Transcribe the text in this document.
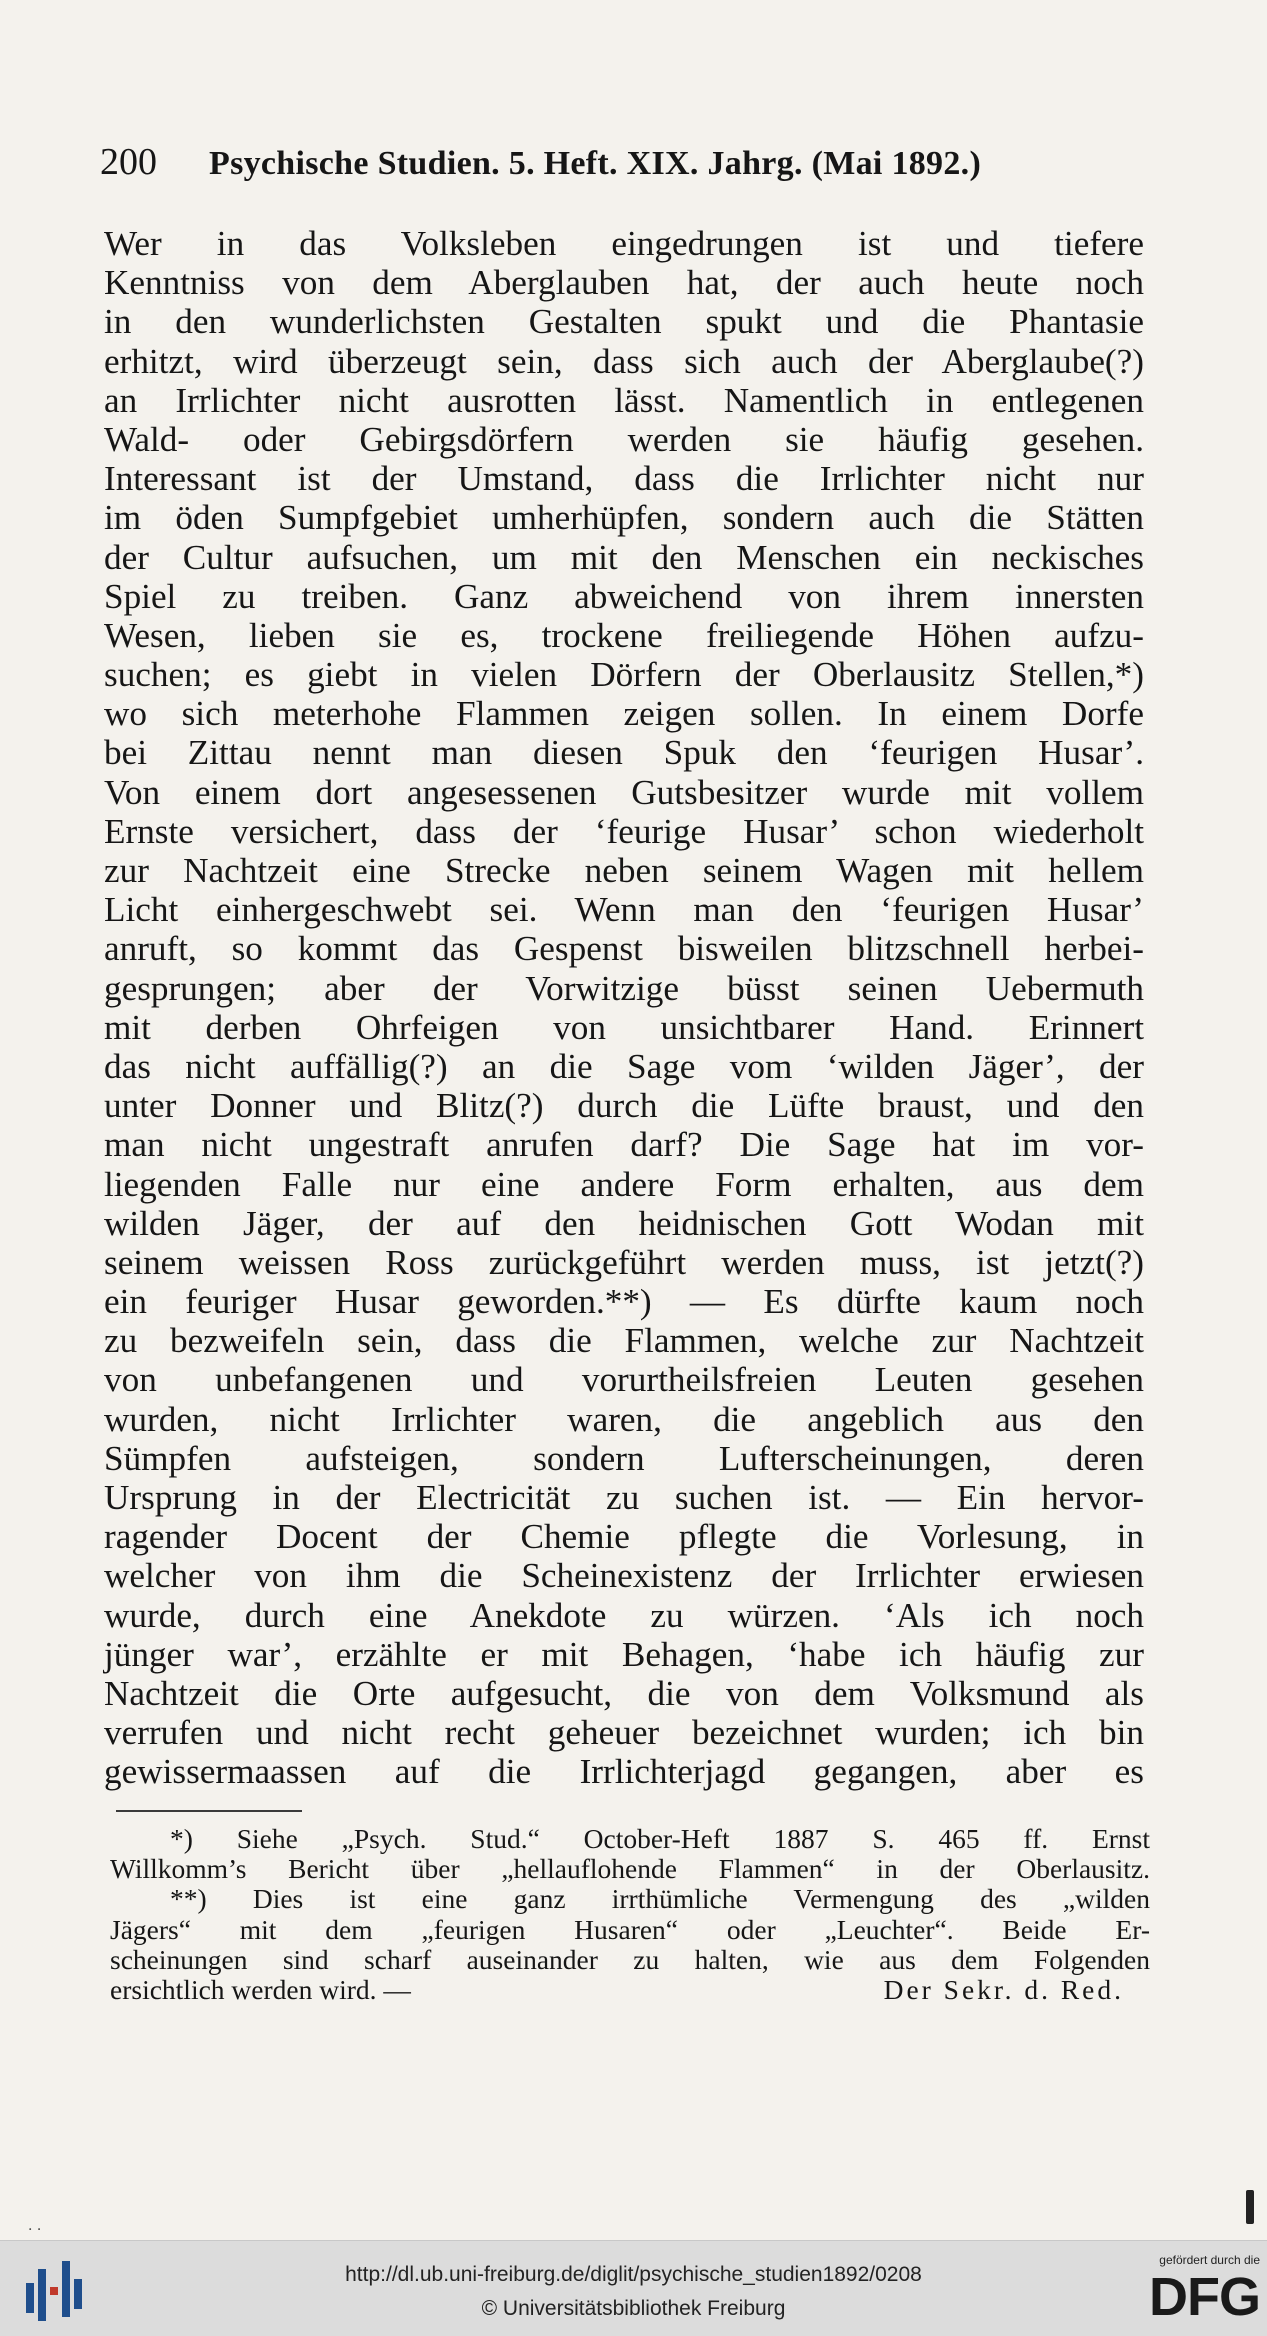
200 Psychische Studien. 5. Heft. XIX. Jahrg. (Mai 1892.)
Wer in das Volksleben eingedrungen ist und tiefere
Kenntniss von dem Aberglauben hat, der auch heute noch
in den wunderlichsten Gestalten spukt und die Phantasie
erhitzt, wird überzeugt sein, dass sich auch der Aberglaube(?)
an Irrlichter nicht ausrotten lässt. Namentlich in entlegenen
Wald- oder Gebirgsdörfern werden sie häufig gesehen.
Interessant ist der Umstand, dass die Irrlichter nicht nur
im öden Sumpfgebiet umherhüpfen, sondern auch die Stätten
der Cultur aufsuchen, um mit den Menschen ein neckisches
Spiel zu treiben. Ganz abweichend von ihrem innersten
Wesen, lieben sie es, trockene freiliegende Höhen aufzu-
suchen; es giebt in vielen Dörfern der Oberlausitz Stellen,*)
wo sich meterhohe Flammen zeigen sollen. In einem Dorfe
bei Zittau nennt man diesen Spuk den ‘feurigen Husar’.
Von einem dort angesessenen Gutsbesitzer wurde mit vollem
Ernste versichert, dass der ‘feurige Husar’ schon wiederholt
zur Nachtzeit eine Strecke neben seinem Wagen mit hellem
Licht einhergeschwebt sei. Wenn man den ‘feurigen Husar’
anruft, so kommt das Gespenst bisweilen blitzschnell herbei-
gesprungen; aber der Vorwitzige büsst seinen Uebermuth
mit derben Ohrfeigen von unsichtbarer Hand. Erinnert
das nicht auffällig(?) an die Sage vom ‘wilden Jäger’, der
unter Donner und Blitz(?) durch die Lüfte braust, und den
man nicht ungestraft anrufen darf? Die Sage hat im vor-
liegenden Falle nur eine andere Form erhalten, aus dem
wilden Jäger, der auf den heidnischen Gott Wodan mit
seinem weissen Ross zurückgeführt werden muss, ist jetzt(?)
ein feuriger Husar geworden.**) — Es dürfte kaum noch
zu bezweifeln sein, dass die Flammen, welche zur Nachtzeit
von unbefangenen und vorurtheilsfreien Leuten gesehen
wurden, nicht Irrlichter waren, die angeblich aus den
Sümpfen aufsteigen, sondern Lufterscheinungen, deren
Ursprung in der Electricität zu suchen ist. — Ein hervor-
ragender Docent der Chemie pflegte die Vorlesung, in
welcher von ihm die Scheinexistenz der Irrlichter erwiesen
wurde, durch eine Anekdote zu würzen. ‘Als ich noch
jünger war’, erzählte er mit Behagen, ‘habe ich häufig zur
Nachtzeit die Orte aufgesucht, die von dem Volksmund als
verrufen und nicht recht geheuer bezeichnet wurden; ich bin
gewissermaassen auf die Irrlichterjagd gegangen, aber es
*) Siehe „Psych. Stud.“ October-Heft 1887 S. 465 ff. Ernst
Willkomm’s Bericht über „hellauflohende Flammen“ in der Oberlausitz.
**) Dies ist eine ganz irrthümliche Vermengung des „wilden
Jägers“ mit dem „feurigen Husaren“ oder „Leuchter“. Beide Er-
scheinungen sind scharf auseinander zu halten, wie aus dem Folgenden
ersichtlich werden wird. —	Der Sekr. d. Red.
· ·
http://dl.ub.uni-freiburg.de/diglit/psychische_studien1892/0208
© Universitätsbibliothek Freiburg
gefördert durch die
DFG
